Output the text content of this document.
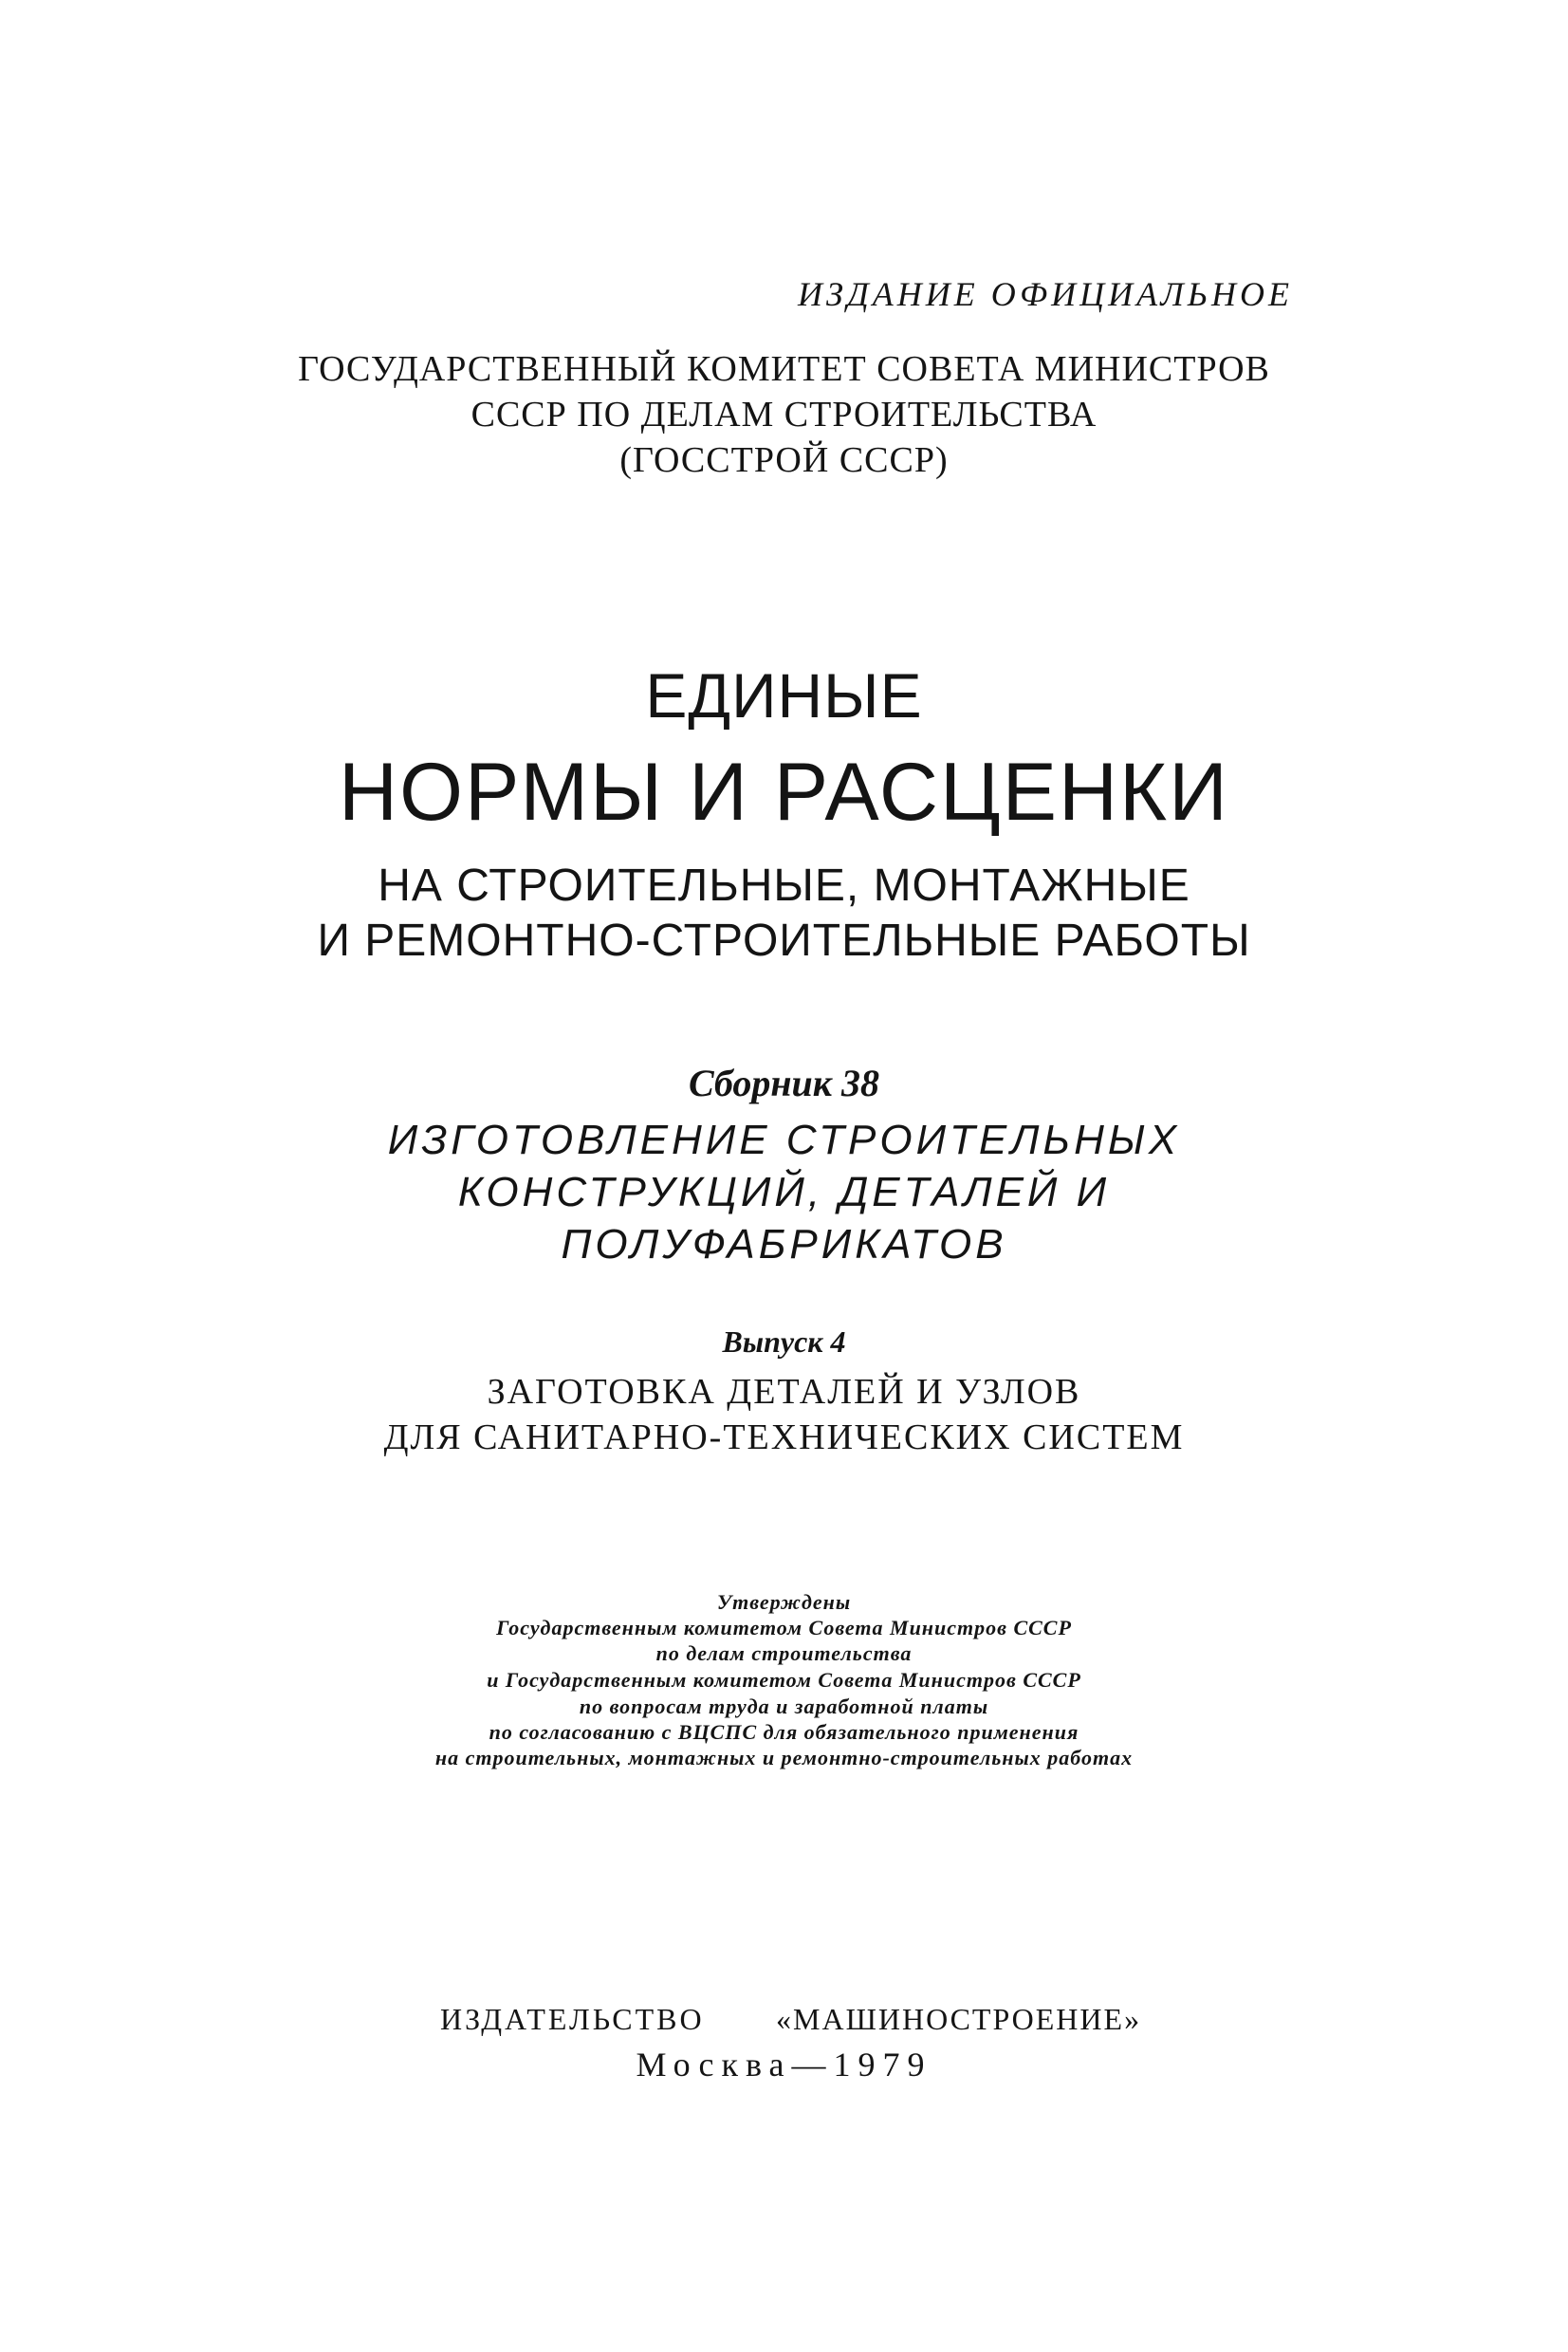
ИЗДАНИЕ ОФИЦИАЛЬНОЕ
ГОСУДАРСТВЕННЫЙ КОМИТЕТ СОВЕТА МИНИСТРОВ
СССР ПО ДЕЛАМ СТРОИТЕЛЬСТВА
(ГОССТРОЙ СССР)
ЕДИНЫЕ
НОРМЫ И РАСЦЕНКИ
НА СТРОИТЕЛЬНЫЕ, МОНТАЖНЫЕ
И РЕМОНТНО-СТРОИТЕЛЬНЫЕ РАБОТЫ
Сборник 38
ИЗГОТОВЛЕНИЕ СТРОИТЕЛЬНЫХ
КОНСТРУКЦИЙ, ДЕТАЛЕЙ И
ПОЛУФАБРИКАТОВ
Выпуск 4
ЗАГОТОВКА ДЕТАЛЕЙ И УЗЛОВ
ДЛЯ САНИТАРНО-ТЕХНИЧЕСКИХ СИСТЕМ
Утверждены
Государственным комитетом Совета Министров СССР
по делам строительства
и Государственным комитетом Совета Министров СССР
по вопросам труда и заработной платы
по согласованию с ВЦСПС для обязательного применения
на строительных, монтажных и ремонтно-строительных работах
ИЗДАТЕЛЬСТВО «МАШИНОСТРОЕНИЕ»
Москва—1979
